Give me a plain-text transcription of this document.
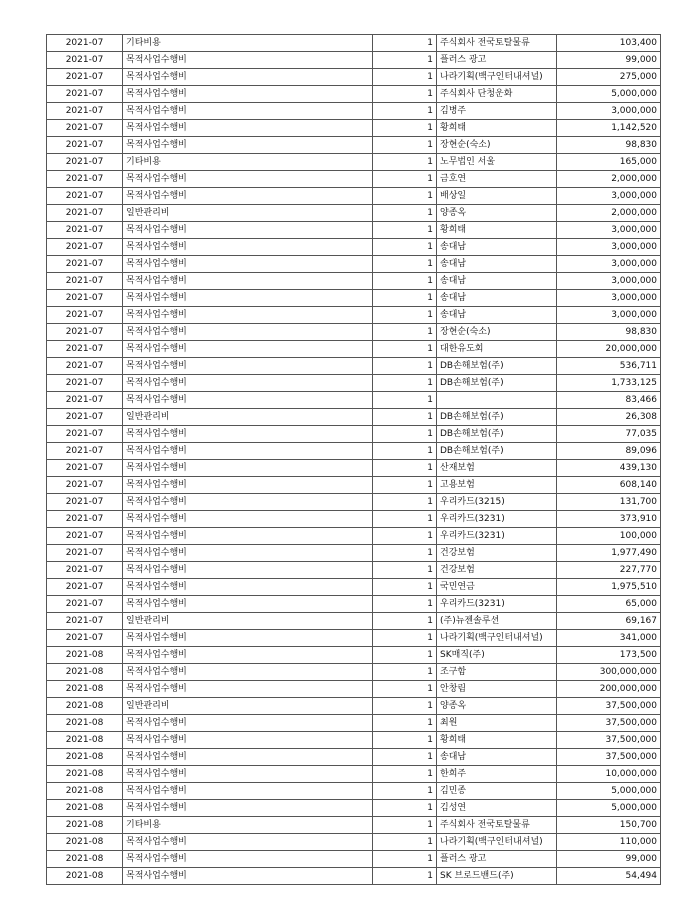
2021-07	기타비용	1	주식회사 전국토탈물류	103,400
2021-07	목적사업수행비	1	플러스 광고	99,000
2021-07	목적사업수행비	1	나라기획(백구인터내셔널)	275,000
2021-07	목적사업수행비	1	주식회사 단청운화	5,000,000
2021-07	목적사업수행비	1	김병주	3,000,000
2021-07	목적사업수행비	1	황희태	1,142,520
2021-07	목적사업수행비	1	장현순(숙소)	98,830
2021-07	기타비용	1	노무법인 서울	165,000
2021-07	목적사업수행비	1	금호연	2,000,000
2021-07	목적사업수행비	1	배상일	3,000,000
2021-07	일반관리비	1	양종옥	2,000,000
2021-07	목적사업수행비	1	황희태	3,000,000
2021-07	목적사업수행비	1	송대남	3,000,000
2021-07	목적사업수행비	1	송대남	3,000,000
2021-07	목적사업수행비	1	송대남	3,000,000
2021-07	목적사업수행비	1	송대남	3,000,000
2021-07	목적사업수행비	1	송대남	3,000,000
2021-07	목적사업수행비	1	장현순(숙소)	98,830
2021-07	목적사업수행비	1	대한유도회	20,000,000
2021-07	목적사업수행비	1	DB손해보험(주)	536,711
2021-07	목적사업수행비	1	DB손해보험(주)	1,733,125
2021-07	목적사업수행비	1		83,466
2021-07	일반관리비	1	DB손해보험(주)	26,308
2021-07	목적사업수행비	1	DB손해보험(주)	77,035
2021-07	목적사업수행비	1	DB손해보험(주)	89,096
2021-07	목적사업수행비	1	산재보험	439,130
2021-07	목적사업수행비	1	고용보험	608,140
2021-07	목적사업수행비	1	우리카드(3215)	131,700
2021-07	목적사업수행비	1	우리카드(3231)	373,910
2021-07	목적사업수행비	1	우리카드(3231)	100,000
2021-07	목적사업수행비	1	건강보험	1,977,490
2021-07	목적사업수행비	1	건강보험	227,770
2021-07	목적사업수행비	1	국민연금	1,975,510
2021-07	목적사업수행비	1	우리카드(3231)	65,000
2021-07	일반관리비	1	(주)뉴젠솔루션	69,167
2021-07	목적사업수행비	1	나라기획(백구인터내셔널)	341,000
2021-08	목적사업수행비	1	SK매직(주)	173,500
2021-08	목적사업수행비	1	조구함	300,000,000
2021-08	목적사업수행비	1	안창림	200,000,000
2021-08	일반관리비	1	양종옥	37,500,000
2021-08	목적사업수행비	1	최원	37,500,000
2021-08	목적사업수행비	1	황희태	37,500,000
2021-08	목적사업수행비	1	송대남	37,500,000
2021-08	목적사업수행비	1	한희주	10,000,000
2021-08	목적사업수행비	1	김민종	5,000,000
2021-08	목적사업수행비	1	김성연	5,000,000
2021-08	기타비용	1	주식회사 전국토탈물류	150,700
2021-08	목적사업수행비	1	나라기획(백구인터내셔널)	110,000
2021-08	목적사업수행비	1	플러스 광고	99,000
2021-08	목적사업수행비	1	SK 브로드밴드(주)	54,494
